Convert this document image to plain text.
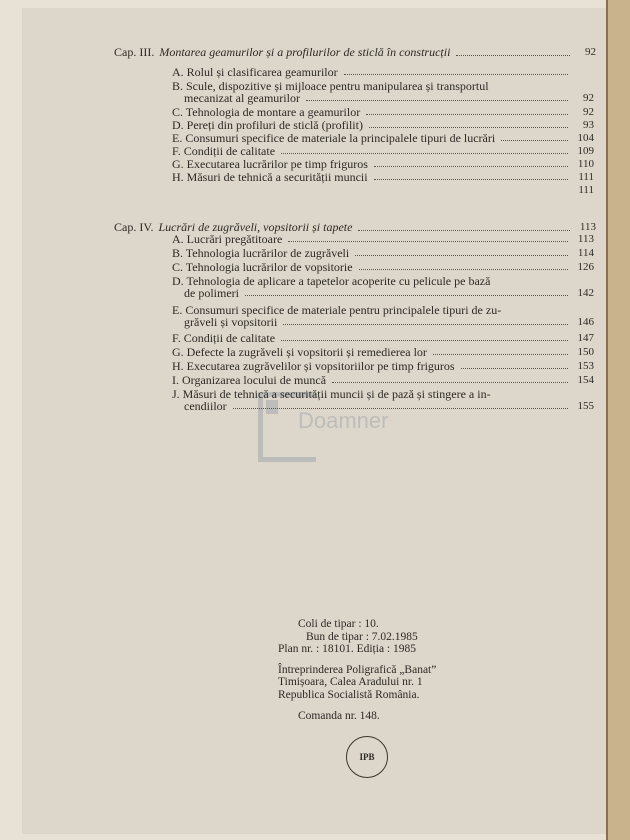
Doamner
Cap. III. Montarea geamurilor și a profilurilor de sticlă în construcții	92
A. Rolul și clasificarea geamurilor
B. Scule, dispozitive și mijloace pentru manipularea și transportul
mecanizat al geamurilor	92
C. Tehnologia de montare a geamurilor	92
D. Pereți din profiluri de sticlă (profilit)	93
E. Consumuri specifice de materiale la principalele tipuri de lucrări	104
F. Condiții de calitate	109
G. Executarea lucrărilor pe timp friguros	110
H. Măsuri de tehnică a securității muncii	111
111
Cap. IV. Lucrări de zugrăveli, vopsitorii și tapete	113
A. Lucrări pregătitoare	113
B. Tehnologia lucrărilor de zugrăveli	114
C. Tehnologia lucrărilor de vopsitorie	126
D. Tehnologia de aplicare a tapetelor acoperite cu pelicule pe bază
de polimeri	142
E. Consumuri specifice de materiale pentru principalele tipuri de zu-
grăveli și vopsitorii	146
F. Condiții de calitate	147
G. Defecte la zugrăveli și vopsitorii și remedierea lor	150
H. Executarea zugrăvelilor și vopsitoriilor pe timp friguros	153
I. Organizarea locului de muncă	154
J. Măsuri de tehnică a securității muncii și de pază și stingere a in-
cendiilor	155
Coli de tipar : 10.
Bun de tipar : 7.02.1985
Plan nr. : 18101. Ediția : 1985
Întreprinderea Poligrafică „Banat”
Timișoara, Calea Aradului nr. 1
Republica Socialistă România.
Comanda nr. 148.
IPB
